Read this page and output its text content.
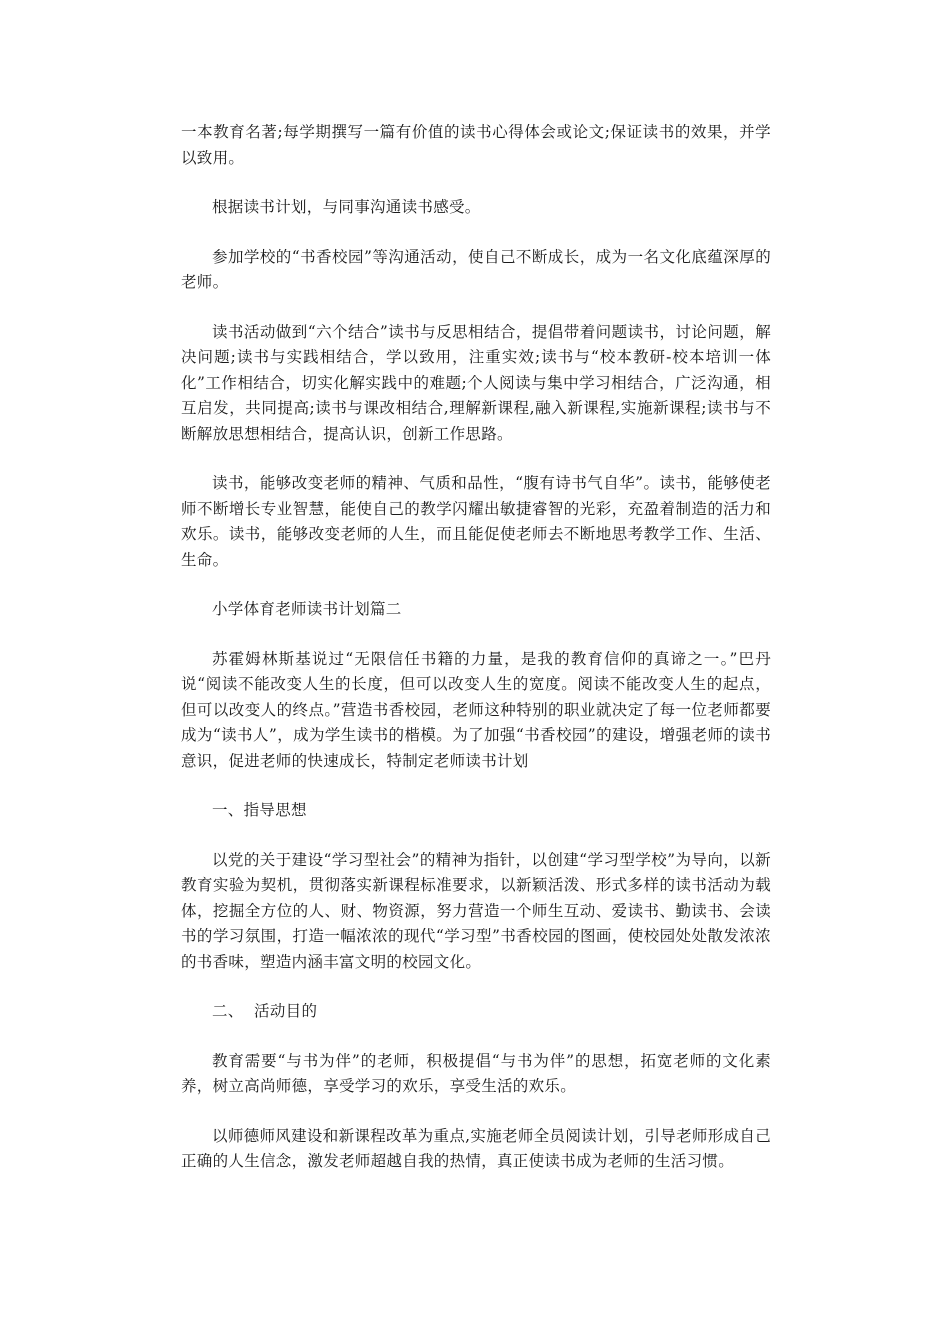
一本教育名著;每学期撰写一篇有价值的读书心得体会或论文;保证读书的效果，并学以致用。

根据读书计划，与同事沟通读书感受。

参加学校的“书香校园”等沟通活动，使自己不断成长，成为一名文化底蕴深厚的老师。

读书活动做到“六个结合”读书与反思相结合，提倡带着问题读书，讨论问题，解决问题;读书与实践相结合，学以致用，注重实效;读书与“校本教研-校本培训一体化”工作相结合，切实化解实践中的难题;个人阅读与集中学习相结合，广泛沟通，相互启发，共同提高;读书与课改相结合,理解新课程,融入新课程,实施新课程;读书与不断解放思想相结合，提高认识，创新工作思路。

读书，能够改变老师的精神、气质和品性，“腹有诗书气自华”。读书，能够使老师不断增长专业智慧，能使自己的教学闪耀出敏捷睿智的光彩，充盈着制造的活力和欢乐。读书，能够改变老师的人生，而且能促使老师去不断地思考教学工作、生活、生命。

小学体育老师读书计划篇二

苏霍姆林斯基说过“无限信任书籍的力量，是我的教育信仰的真谛之一。”巴丹说“阅读不能改变人生的长度，但可以改变人生的宽度。阅读不能改变人生的起点，但可以改变人的终点。”营造书香校园，老师这种特别的职业就决定了每一位老师都要成为“读书人”，成为学生读书的楷模。为了加强“书香校园”的建设，增强老师的读书意识，促进老师的快速成长，特制定老师读书计划

一、指导思想

以党的关于建设“学习型社会”的精神为指针，以创建“学习型学校”为导向，以新教育实验为契机，贯彻落实新课程标准要求，以新颖活泼、形式多样的读书活动为载体，挖掘全方位的人、财、物资源，努力营造一个师生互动、爱读书、勤读书、会读书的学习氛围，打造一幅浓浓的现代“学习型”书香校园的图画，使校园处处散发浓浓的书香味，塑造内涵丰富文明的校园文化。

二、  活动目的

教育需要“与书为伴”的老师，积极提倡“与书为伴”的思想，拓宽老师的文化素养，树立高尚师德，享受学习的欢乐，享受生活的欢乐。

以师德师风建设和新课程改革为重点,实施老师全员阅读计划，引导老师形成自己正确的人生信念，激发老师超越自我的热情，真正使读书成为老师的生活习惯。
